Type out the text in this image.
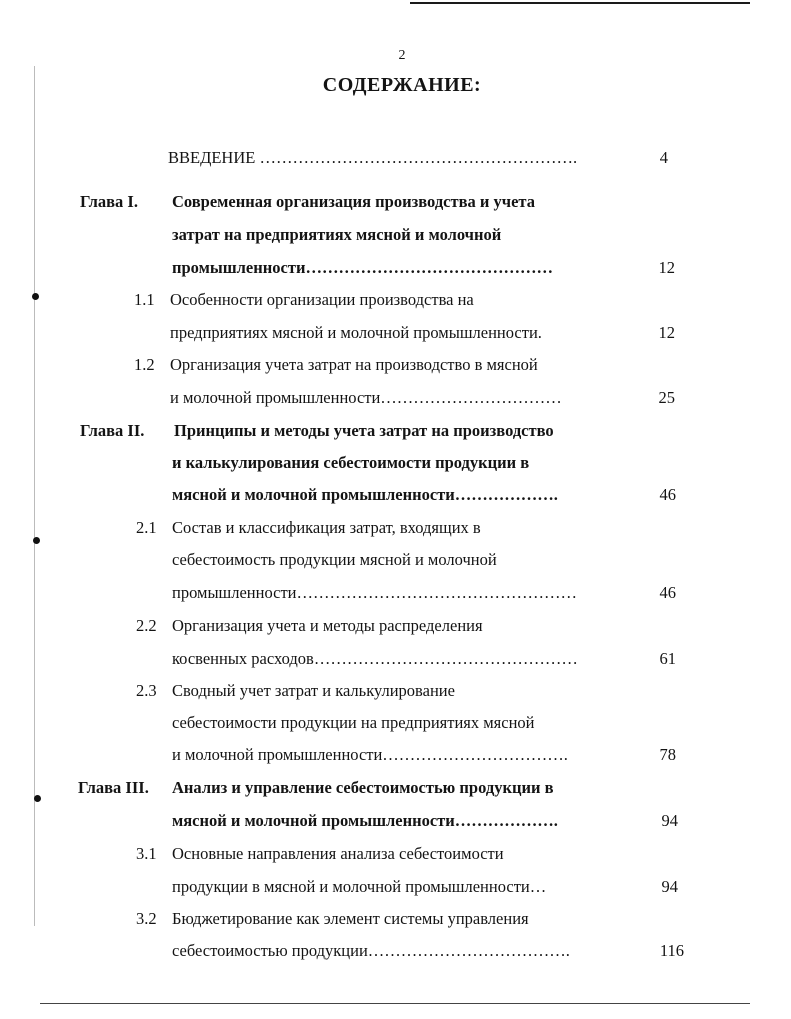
2
СОДЕРЖАНИЕ:
ВВЕДЕНИЕ ………………………………………………….	4
Глава I. Современная организация производства и учета
затрат на предприятиях мясной и молочной
промышленности………………………………………	12
1.1 Особенности организации производства на
предприятиях мясной и молочной промышленности.	12
1.2 Организация учета затрат на производство в мясной
и молочной промышленности……………………………	25
Глава II. Принципы и методы учета затрат на производство
и калькулирования себестоимости продукции в
мясной и молочной промышленности……………….	46
2.1 Состав и классификация затрат, входящих в
себестоимость продукции мясной и молочной
промышленности……………………………………………	46
2.2 Организация учета и методы распределения
косвенных расходов…………………………………………	61
2.3 Сводный учет затрат и калькулирование
себестоимости продукции на предприятиях мясной
и молочной промышленности…………………………….	78
Глава III. Анализ и управление себестоимостью продукции в
мясной и молочной промышленности……………….	94
3.1 Основные направления анализа себестоимости
продукции в мясной и молочной промышленности…	94
3.2 Бюджетирование как элемент системы управления
себестоимостью продукции……………………………….	116
